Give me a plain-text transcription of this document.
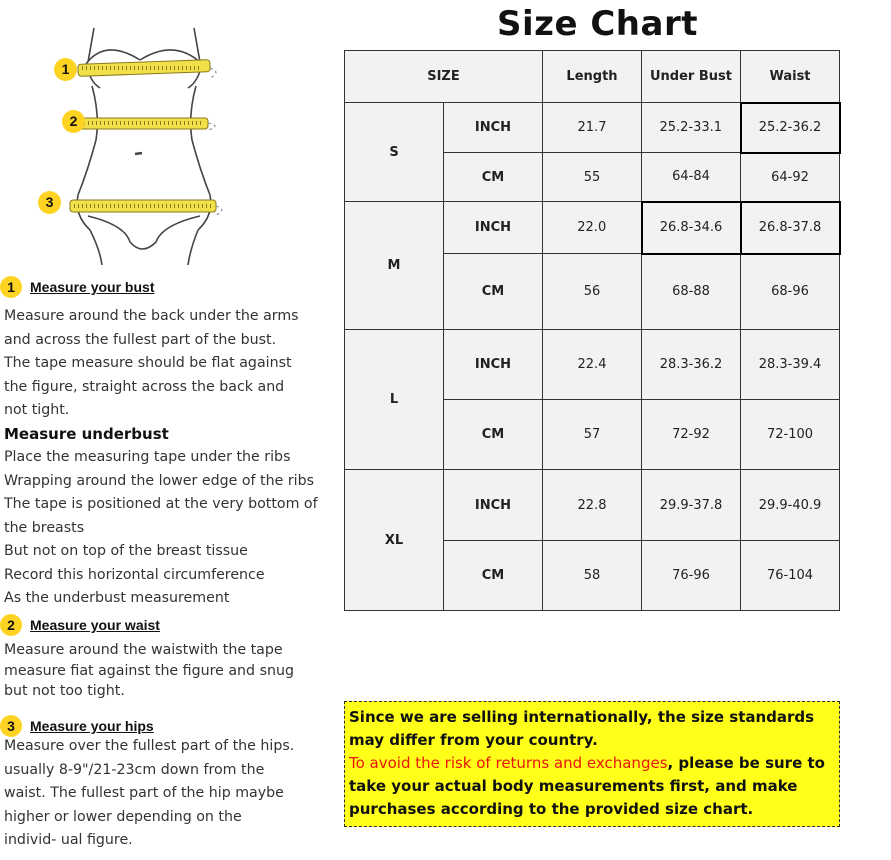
1
2
3
1	Measure your bust
Measure around the back under the arms
and across the fullest part of the bust.
The tape measure should be flat against
the figure, straight across the back and
not tight.
Measure underbust
Place the measuring tape under the ribs
Wrapping around the lower edge of the ribs
The tape is positioned at the very bottom of
the breasts
But not on top of the breast tissue
Record this horizontal circumference
As the underbust measurement
2	Measure your waist
Measure around the waistwith the tape
measure fiat against the figure and snug
but not too tight.
3	Measure your hips
Measure over the fullest part of the hips.
usually 8-9"/21-23cm down from the
waist. The fullest part of the hip maybe
higher or lower depending on the
individ- ual figure.
Size Chart
SIZE		Length	Under Bust	Waist
S	INCH	21.7	25.2-33.1	25.2-36.2
	CM	55	64-84	64-92
M	INCH	22.0	26.8-34.6	26.8-37.8
	CM	56	68-88	68-96
L	INCH	22.4	28.3-36.2	28.3-39.4
	CM	57	72-92	72-100
XL	INCH	22.8	29.9-37.8	29.9-40.9
	CM	58	76-96	76-104
Since we are selling internationally, the size standards may differ from your country.
To avoid the risk of returns and exchanges, please be sure to take your actual body measurements first, and make purchases according to the provided size chart.
